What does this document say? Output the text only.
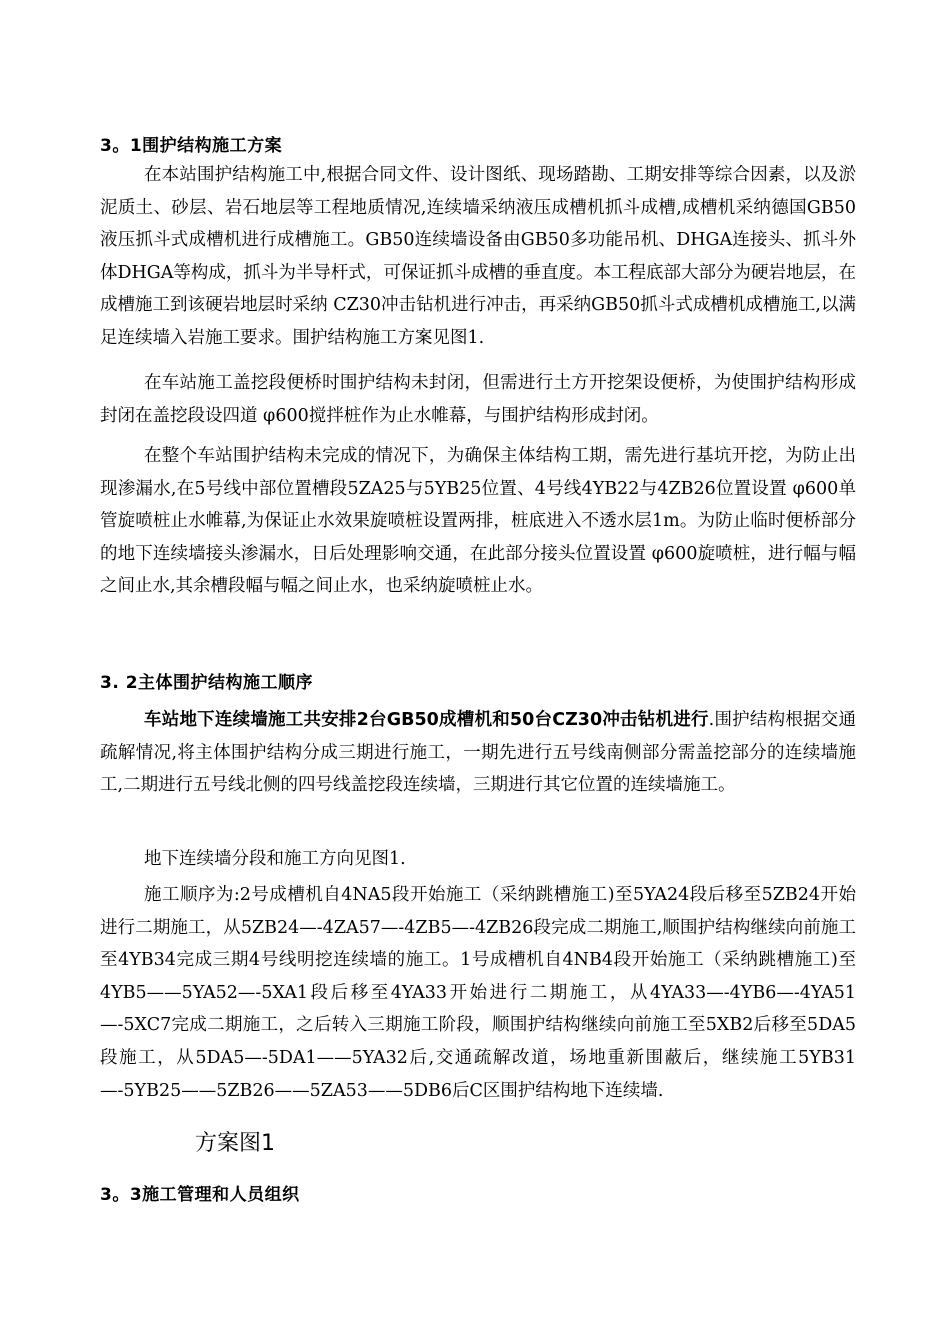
3。1围护结构施工方案

在本站围护结构施工中,根据合同文件、设计图纸、现场踏勘、工期安排等综合因素，以及淤泥质土、砂层、岩石地层等工程地质情况,连续墙采纳液压成槽机抓斗成槽,成槽机采纳德国GB50液压抓斗式成槽机进行成槽施工。GB50连续墙设备由GB50多功能吊机、DHGA连接头、抓斗外体DHGA等构成，抓斗为半导杆式，可保证抓斗成槽的垂直度。本工程底部大部分为硬岩地层，在成槽施工到该硬岩地层时采纳 CZ30冲击钻机进行冲击，再采纳GB50抓斗式成槽机成槽施工,以满足连续墙入岩施工要求。围护结构施工方案见图1.

在车站施工盖挖段便桥时围护结构未封闭，但需进行土方开挖架设便桥，为使围护结构形成封闭在盖挖段设四道 φ600搅拌桩作为止水帷幕，与围护结构形成封闭。

在整个车站围护结构未完成的情况下，为确保主体结构工期，需先进行基坑开挖，为防止出现渗漏水,在5号线中部位置槽段5ZA25与5YB25位置、4号线4YB22与4ZB26位置设置 φ600单管旋喷桩止水帷幕,为保证止水效果旋喷桩设置两排，桩底进入不透水层1m。为防止临时便桥部分的地下连续墙接头渗漏水，日后处理影响交通，在此部分接头位置设置 φ600旋喷桩，进行幅与幅之间止水,其余槽段幅与幅之间止水，也采纳旋喷桩止水。

3. 2主体围护结构施工顺序

车站地下连续墙施工共安排2台GB50成槽机和50台CZ30冲击钻机进行.围护结构根据交通疏解情况,将主体围护结构分成三期进行施工，一期先进行五号线南侧部分需盖挖部分的连续墙施工,二期进行五号线北侧的四号线盖挖段连续墙，三期进行其它位置的连续墙施工。

地下连续墙分段和施工方向见图1.

施工顺序为:2号成槽机自4NA5段开始施工（采纳跳槽施工)至5YA24段后移至5ZB24开始进行二期施工，从5ZB24—-4ZA57—-4ZB5—-4ZB26段完成二期施工,顺围护结构继续向前施工至4YB34完成三期4号线明挖连续墙的施工。1号成槽机自4NB4段开始施工（采纳跳槽施工)至4YB5——5YA52—-5XA1段后移至4YA33开始进行二期施工，从4YA33—-4YB6—-4YA51—-5XC7完成二期施工，之后转入三期施工阶段，顺围护结构继续向前施工至5XB2后移至5DA5段施工，从5DA5—-5DA1——5YA32后,交通疏解改道，场地重新围蔽后，继续施工5YB31—-5YB25——5ZB26——5ZA53——5DB6后C区围护结构地下连续墙.

方案图1
3。3施工管理和人员组织
